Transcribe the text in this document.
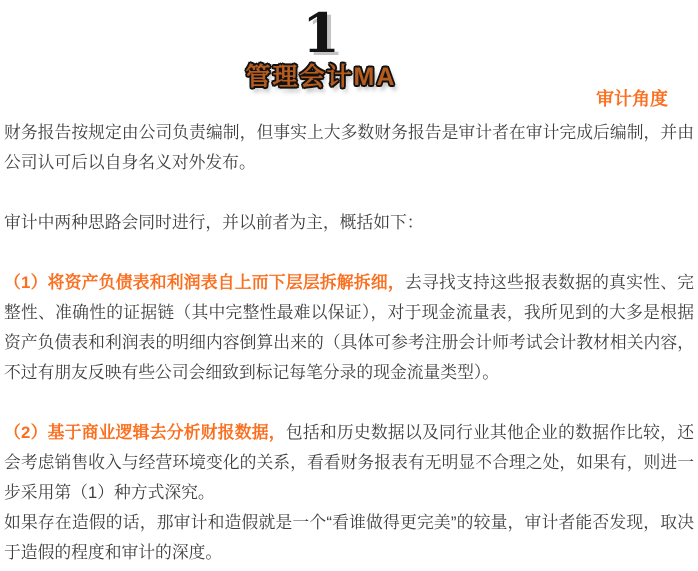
1
管理会计MA
审计角度

财务报告按规定由公司负责编制，但事实上大多数财务报告是审计者在审计完成后编制，并由公司认可后以自身名义对外发布。

审计中两种思路会同时进行，并以前者为主，概括如下：

（1）将资产负债表和利润表自上而下层层拆解拆细，去寻找支持这些报表数据的真实性、完整性、准确性的证据链（其中完整性最难以保证），对于现金流量表，我所见到的大多是根据资产负债表和利润表的明细内容倒算出来的（具体可参考注册会计师考试会计教材相关内容，不过有朋友反映有些公司会细致到标记每笔分录的现金流量类型）。

（2）基于商业逻辑去分析财报数据，包括和历史数据以及同行业其他企业的数据作比较，还会考虑销售收入与经营环境变化的关系，看看财务报表有无明显不合理之处，如果有，则进一步采用第（1）种方式深究。

如果存在造假的话，那审计和造假就是一个“看谁做得更完美”的较量，审计者能否发现，取决于造假的程度和审计的深度。
